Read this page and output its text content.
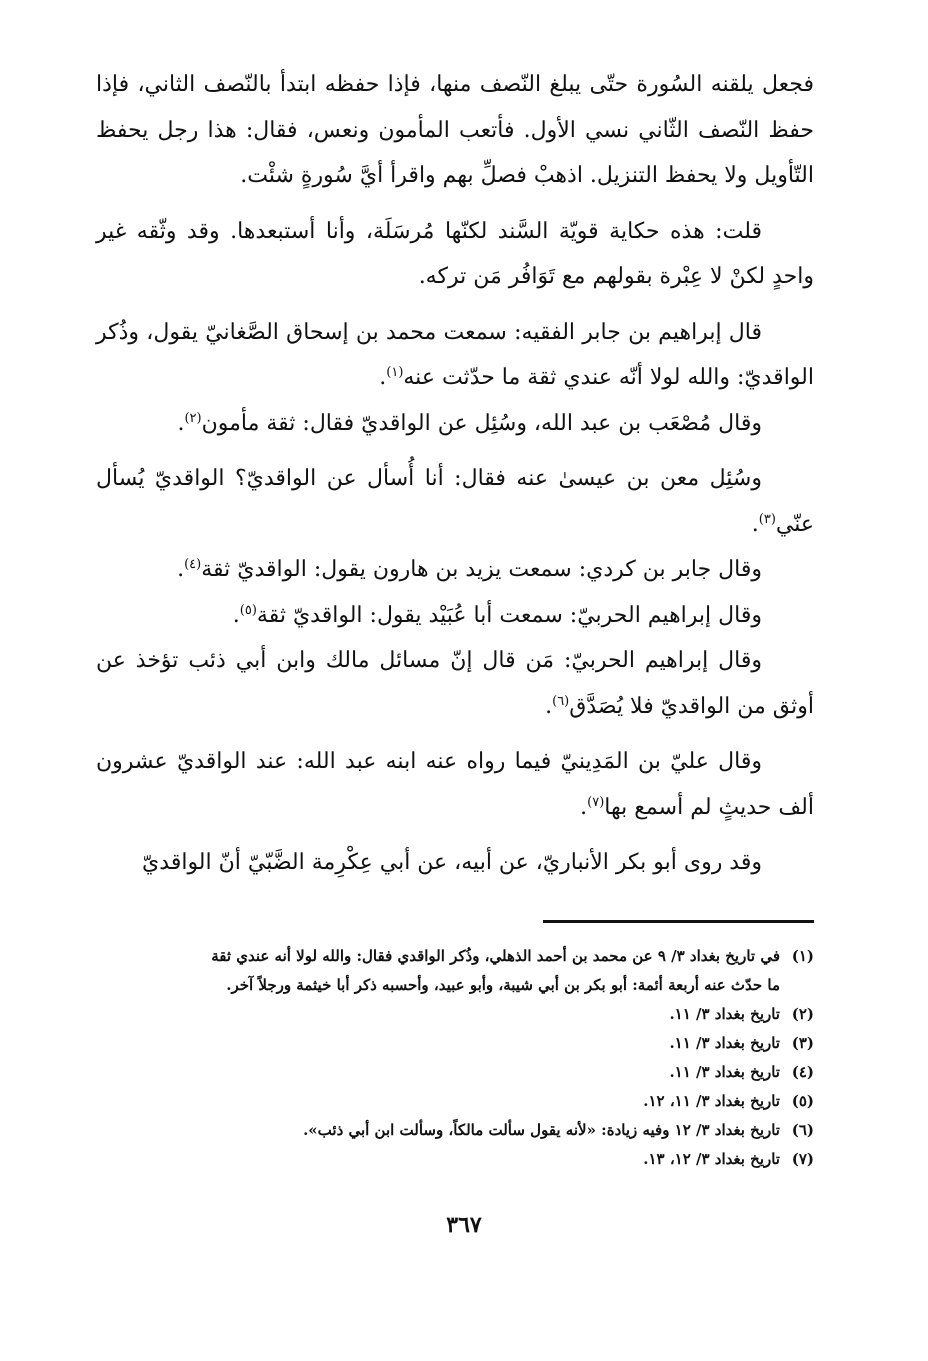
فجعل يلقنه السُورة حتّى يبلغ النّصف منها، فإذا حفظه ابتدأ بالنّصف الثاني، فإذا حفظ النّصف الثّاني نسي الأول. فأتعب المأمون ونعس، فقال: هذا رجل يحفظ التّأويل ولا يحفظ التنزيل. اذهبْ فصلِّ بهم واقرأ أيَّ سُورةٍ شئْت.

قلت: هذه حكاية قويّة السَّند لكنّها مُرسَلَة، وأنا أستبعدها. وقد وثّقه غير واحدٍ لكنْ لا عِبْرة بقولهم مع تَوَافُر مَن تركه.

قال إبراهيم بن جابر الفقيه: سمعت محمد بن إسحاق الصَّغانيّ يقول، وذُكر الواقديّ: والله لولا أنّه عندي ثقة ما حدّثت عنه$^{(١)}$.

وقال مُصْعَب بن عبد الله، وسُئِل عن الواقديّ فقال: ثقة مأمون$^{(٢)}$.

وسُئِل معن بن عيسىٰ عنه فقال: أنا أُسأل عن الواقديّ؟ الواقديّ يُسأل عنّي$^{(٣)}$.

وقال جابر بن كردي: سمعت يزيد بن هارون يقول: الواقديّ ثقة$^{(٤)}$.

وقال إبراهيم الحربيّ: سمعت أبا عُبَيْد يقول: الواقديّ ثقة$^{(٥)}$.

وقال إبراهيم الحربيّ: مَن قال إنّ مسائل مالك وابن أبي ذئب تؤخذ عن أوثق من الواقديّ فلا يُصَدَّق$^{(٦)}$.

وقال عليّ بن المَدِينيّ فيما رواه عنه ابنه عبد الله: عند الواقديّ عشرون ألف حديثٍ لم أسمع بها$^{(٧)}$.

وقد روى أبو بكر الأنباريّ، عن أبيه، عن أبي عِكْرِمة الضَّبّيّ أنّ الواقديّ

(١)في تاريخ بغداد ٣/ ٩ عن محمد بن أحمد الذهلي، وذُكر الواقدي فقال: والله لولا أنه عندي ثقة

ما حدّث عنه أربعة أئمة: أبو بكر بن أبي شيبة، وأبو عبيد، وأحسبه ذكر أبا خيثمة ورجلاً آخر.

(٢)تاريخ بغداد ٣/ ١١.

(٣)تاريخ بغداد ٣/ ١١.

(٤)تاريخ بغداد ٣/ ١١.

(٥)تاريخ بغداد ٣/ ١١، ١٢.

(٦)تاريخ بغداد ٣/ ١٢ وفيه زيادة: «لأنه يقول سألت مالكاً، وسألت ابن أبي ذئب».

(٧)تاريخ بغداد ٣/ ١٢، ١٣.

٣٦٧
